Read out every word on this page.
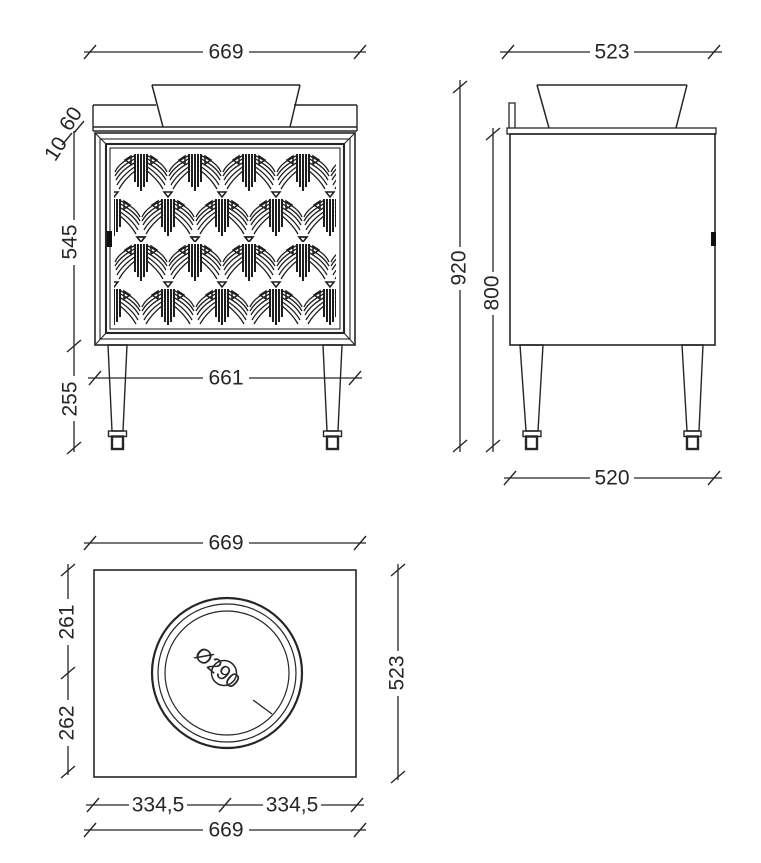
669
661
60
10
545
255
523
920
800
520
Ø290
669
261
262
523
334,5	334,5
669
